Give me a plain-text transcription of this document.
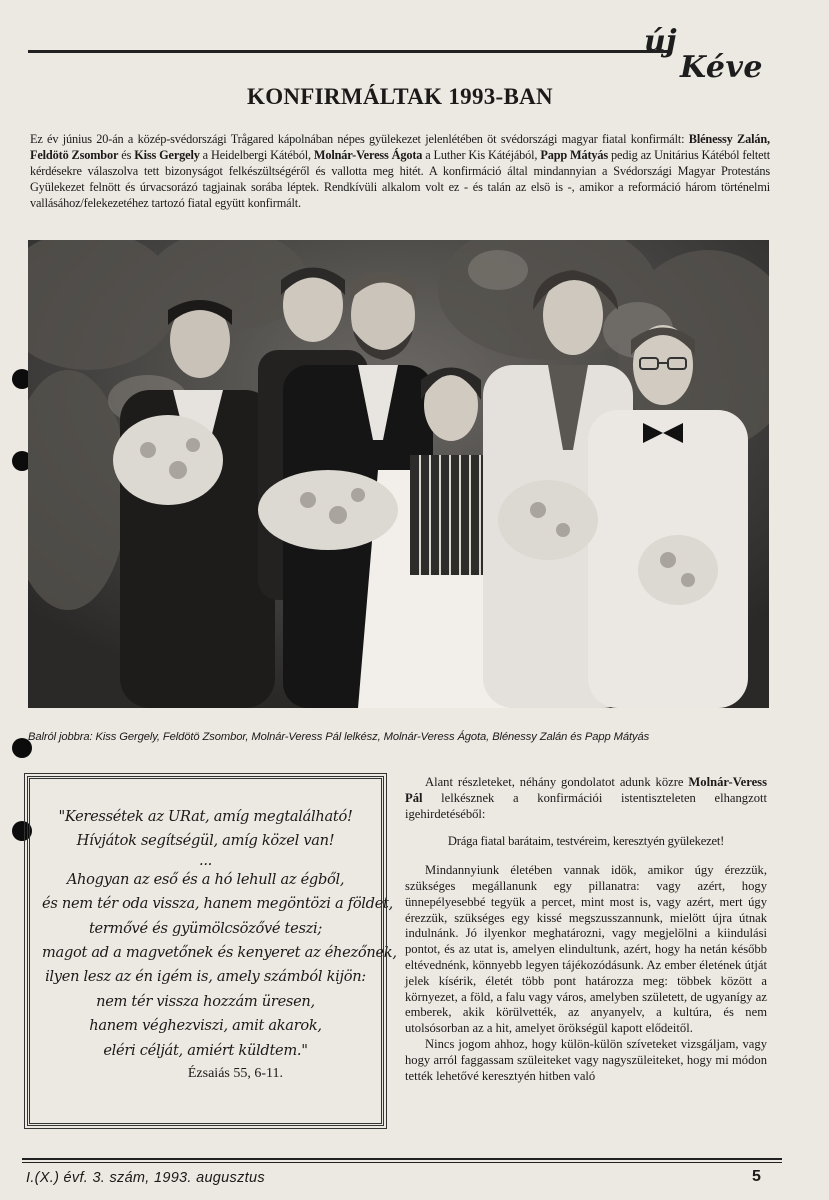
új
Kéve
KONFIRMÁLTAK 1993-BAN

Ez év június 20-án a közép-svédországi Trågared kápolnában népes gyülekezet jelenlétében öt svédországi magyar fiatal konfirmált: Blénessy Zalán, Feldötö Zsombor és Kiss Gergely a Heidelbergi Kátéból, Molnár-Veress Ágota a Luther Kis Kátéjából, Papp Mátyás pedig az Unitárius Kátéból feltett kérdésekre válaszolva tett bizonyságot felkészültségéről és vallotta meg hitét. A konfirmáció által mindannyian a Svédországi Magyar Protestáns Gyülekezet felnött és úrvacsorázó tagjainak sorába léptek. Rendkívüli alkalom volt ez - és talán az elsö is -, amikor a reformáció három történelmi vallásához/felekezetéhez tartozó fiatal együtt konfirmált.

Balról jobbra: Kiss Gergely, Feldötö Zsombor, Molnár-Veress Pál lelkész, Molnár-Veress Ágota, Blénessy Zalán és Papp Mátyás
"Keressétek az URat, amíg megtalálható!
Hívjátok segítségül, amíg közel van!
...
Ahogyan az eső és a hó lehull az égből,
és nem tér oda vissza, hanem megöntözi a földet,
termővé és gyümölcsözővé teszi;
magot ad a magvetőnek és kenyeret az éhezőnek,
ilyen lesz az én igém is, amely számból kijön:
nem tér vissza hozzám üresen,
hanem véghezviszi, amit akarok,
eléri célját, amiért küldtem."
Ézsaiás 55, 6-11.

Alant részleteket, néhány gondolatot adunk közre Molnár-Veress Pál lelkésznek a konfirmációi istentiszteleten elhangzott igehirdetéséből:

Drága fiatal barátaim, testvéreim, keresztyén gyülekezet!

Mindannyiunk életében vannak idök, amikor úgy érezzük, szükséges megállanunk egy pillanatra: vagy azért, hogy ünnepélyesebbé tegyük a percet, mint most is, vagy azért, mert úgy érezzük, szükséges egy kissé megszusszannunk, mielött újra útnak indulnánk. Jó ilyenkor meghatározni, vagy megjelölni a kiindulási pontot, és az utat is, amelyen elindultunk, azért, hogy ha netán később eltévednénk, könnyebb legyen tájékozódásunk. Az ember életének útját jelek kísérik, életét több pont határozza meg: többek között a környezet, a föld, a falu vagy város, amelyben született, de ugyanígy az emberek, akik körülvették, az anyanyelv, a kultúra, és nem utolsósorban az a hit, amelyet örökségül kapott elődeitől.

Nincs jogom ahhoz, hogy külön-külön szíveteket vizsgáljam, vagy hogy arról faggassam szüleiteket vagy nagyszüleiteket, hogy mi módon tették lehetővé keresztyén hitben való

I.(X.) évf. 3. szám, 1993. augusztus	5
